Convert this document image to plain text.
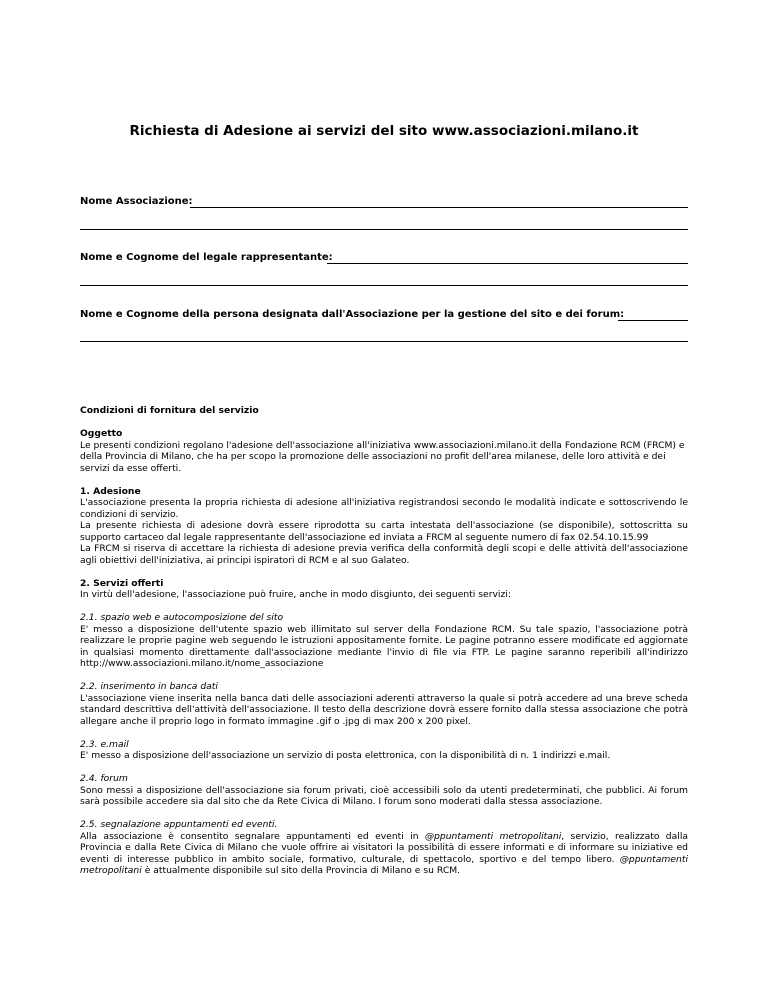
Richiesta di Adesione ai servizi del sito www.associazioni.milano.it
Nome Associazione:
Nome e Cognome del legale rappresentante:
Nome e Cognome della persona designata dall'Associazione per la gestione del sito e dei forum:

Condizioni di fornitura del servizio

Oggetto

Le presenti condizioni regolano l'adesione dell'associazione all'iniziativa www.associazioni.milano.it della Fondazione RCM (FRCM) e della Provincia di Milano, che ha per scopo la promozione delle associazioni no profit dell'area milanese, delle loro attività e dei servizi da esse offerti.

1. Adesione

L'associazione presenta la propria richiesta di adesione all'iniziativa registrandosi secondo le modalità indicate e sottoscrivendo le condizioni di servizio.

La presente richiesta di adesione dovrà essere riprodotta su carta intestata dell'associazione (se disponibile), sottoscritta su supporto cartaceo dal legale rappresentante dell'associazione ed inviata a FRCM al seguente numero di fax 02.54.10.15.99

La FRCM si riserva di accettare la richiesta di adesione previa verifica della conformità degli scopi e delle attività dell'associazione agli obiettivi dell'iniziativa, ai principi ispiratori di RCM e al suo Galateo.

2. Servizi offerti

In virtù dell'adesione, l'associazione può fruire, anche in modo disgiunto, dei seguenti servizi:

2.1. spazio web e autocomposizione del sito

E' messo a disposizione dell'utente spazio web illimitato sul server della Fondazione RCM. Su tale spazio, l'associazione potrà realizzare le proprie pagine web seguendo le istruzioni appositamente fornite. Le pagine potranno essere modificate ed aggiornate in qualsiasi momento direttamente dall'associazione mediante l'invio di file via FTP. Le pagine saranno reperibili all'indirizzo http://www.associazioni.milano.it/nome_associazione

2.2. inserimento in banca dati

L'associazione viene inserita nella banca dati delle associazioni aderenti attraverso la quale si potrà accedere ad una breve scheda standard descrittiva dell'attività dell'associazione. Il testo della descrizione dovrà essere fornito dalla stessa associazione che potrà allegare anche il proprio logo in formato immagine .gif o .jpg di max 200 x 200 pixel.

2.3. e.mail

E' messo a disposizione dell'associazione un servizio di posta elettronica, con la disponibilità di n. 1 indirizzi e.mail.

2.4. forum

Sono messi a disposizione dell'associazione sia forum privati, cioè accessibili solo da utenti predeterminati, che pubblici. Ai forum sarà possibile accedere sia dal sito che da Rete Civica di Milano. I forum sono moderati dalla stessa associazione.

2.5. segnalazione appuntamenti ed eventi.

Alla associazione è consentito segnalare appuntamenti ed eventi in @ppuntamenti metropolitani, servizio, realizzato dalla Provincia e dalla Rete Civica di Milano che vuole offrire ai visitatori la possibilità di essere informati e di informare su iniziative ed eventi di interesse pubblico in ambito sociale, formativo, culturale, di spettacolo, sportivo e del tempo libero. @ppuntamenti metropolitani è attualmente disponibile sul sito della Provincia di Milano e su RCM.
